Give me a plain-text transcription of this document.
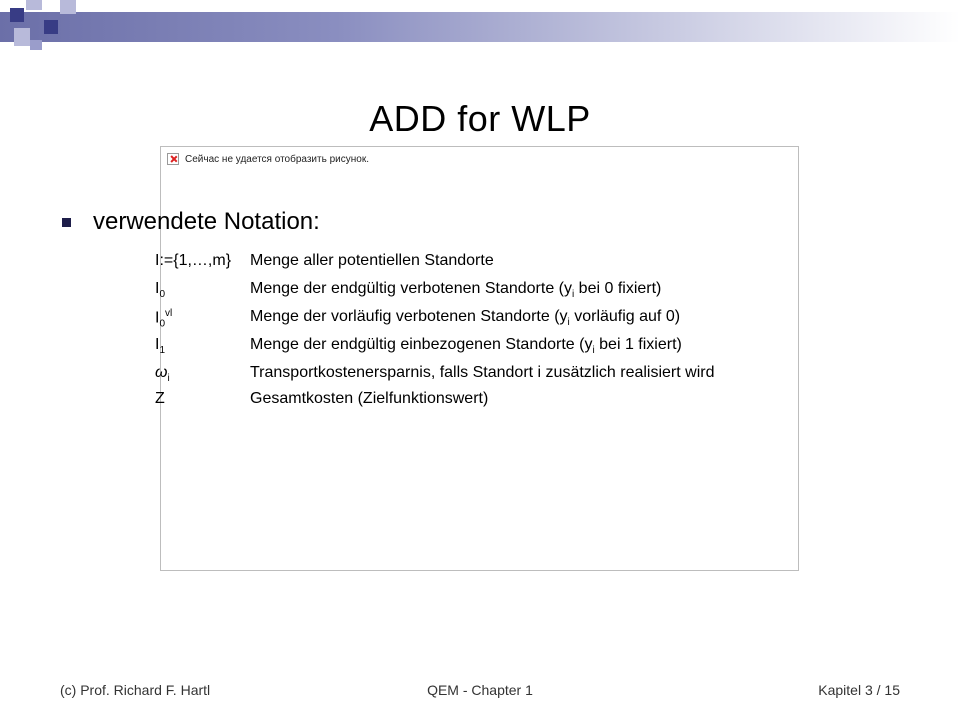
ADD for WLP
Сейчас не удается отобразить рисунок.
verwendete Notation:
I:={1,…,m} Menge aller potentiellen Standorte
$I_0$	Menge der endgültig verbotenen Standorte ($y_i$ bei 0 fixiert)
$I_0^{vl}$	Menge der vorläufig verbotenen Standorte ($y_i$ vorläufig auf 0)
$I_1$	Menge der endgültig einbezogenen Standorte ($y_i$ bei 1 fixiert)
$\omega_i$	Transportkostenersparnis, falls Standort i zusätzlich realisiert wird
Z	Gesamtkosten (Zielfunktionswert)
(c) Prof. Richard F. Hartl	QEM - Chapter 1	Kapitel 3 / 15
